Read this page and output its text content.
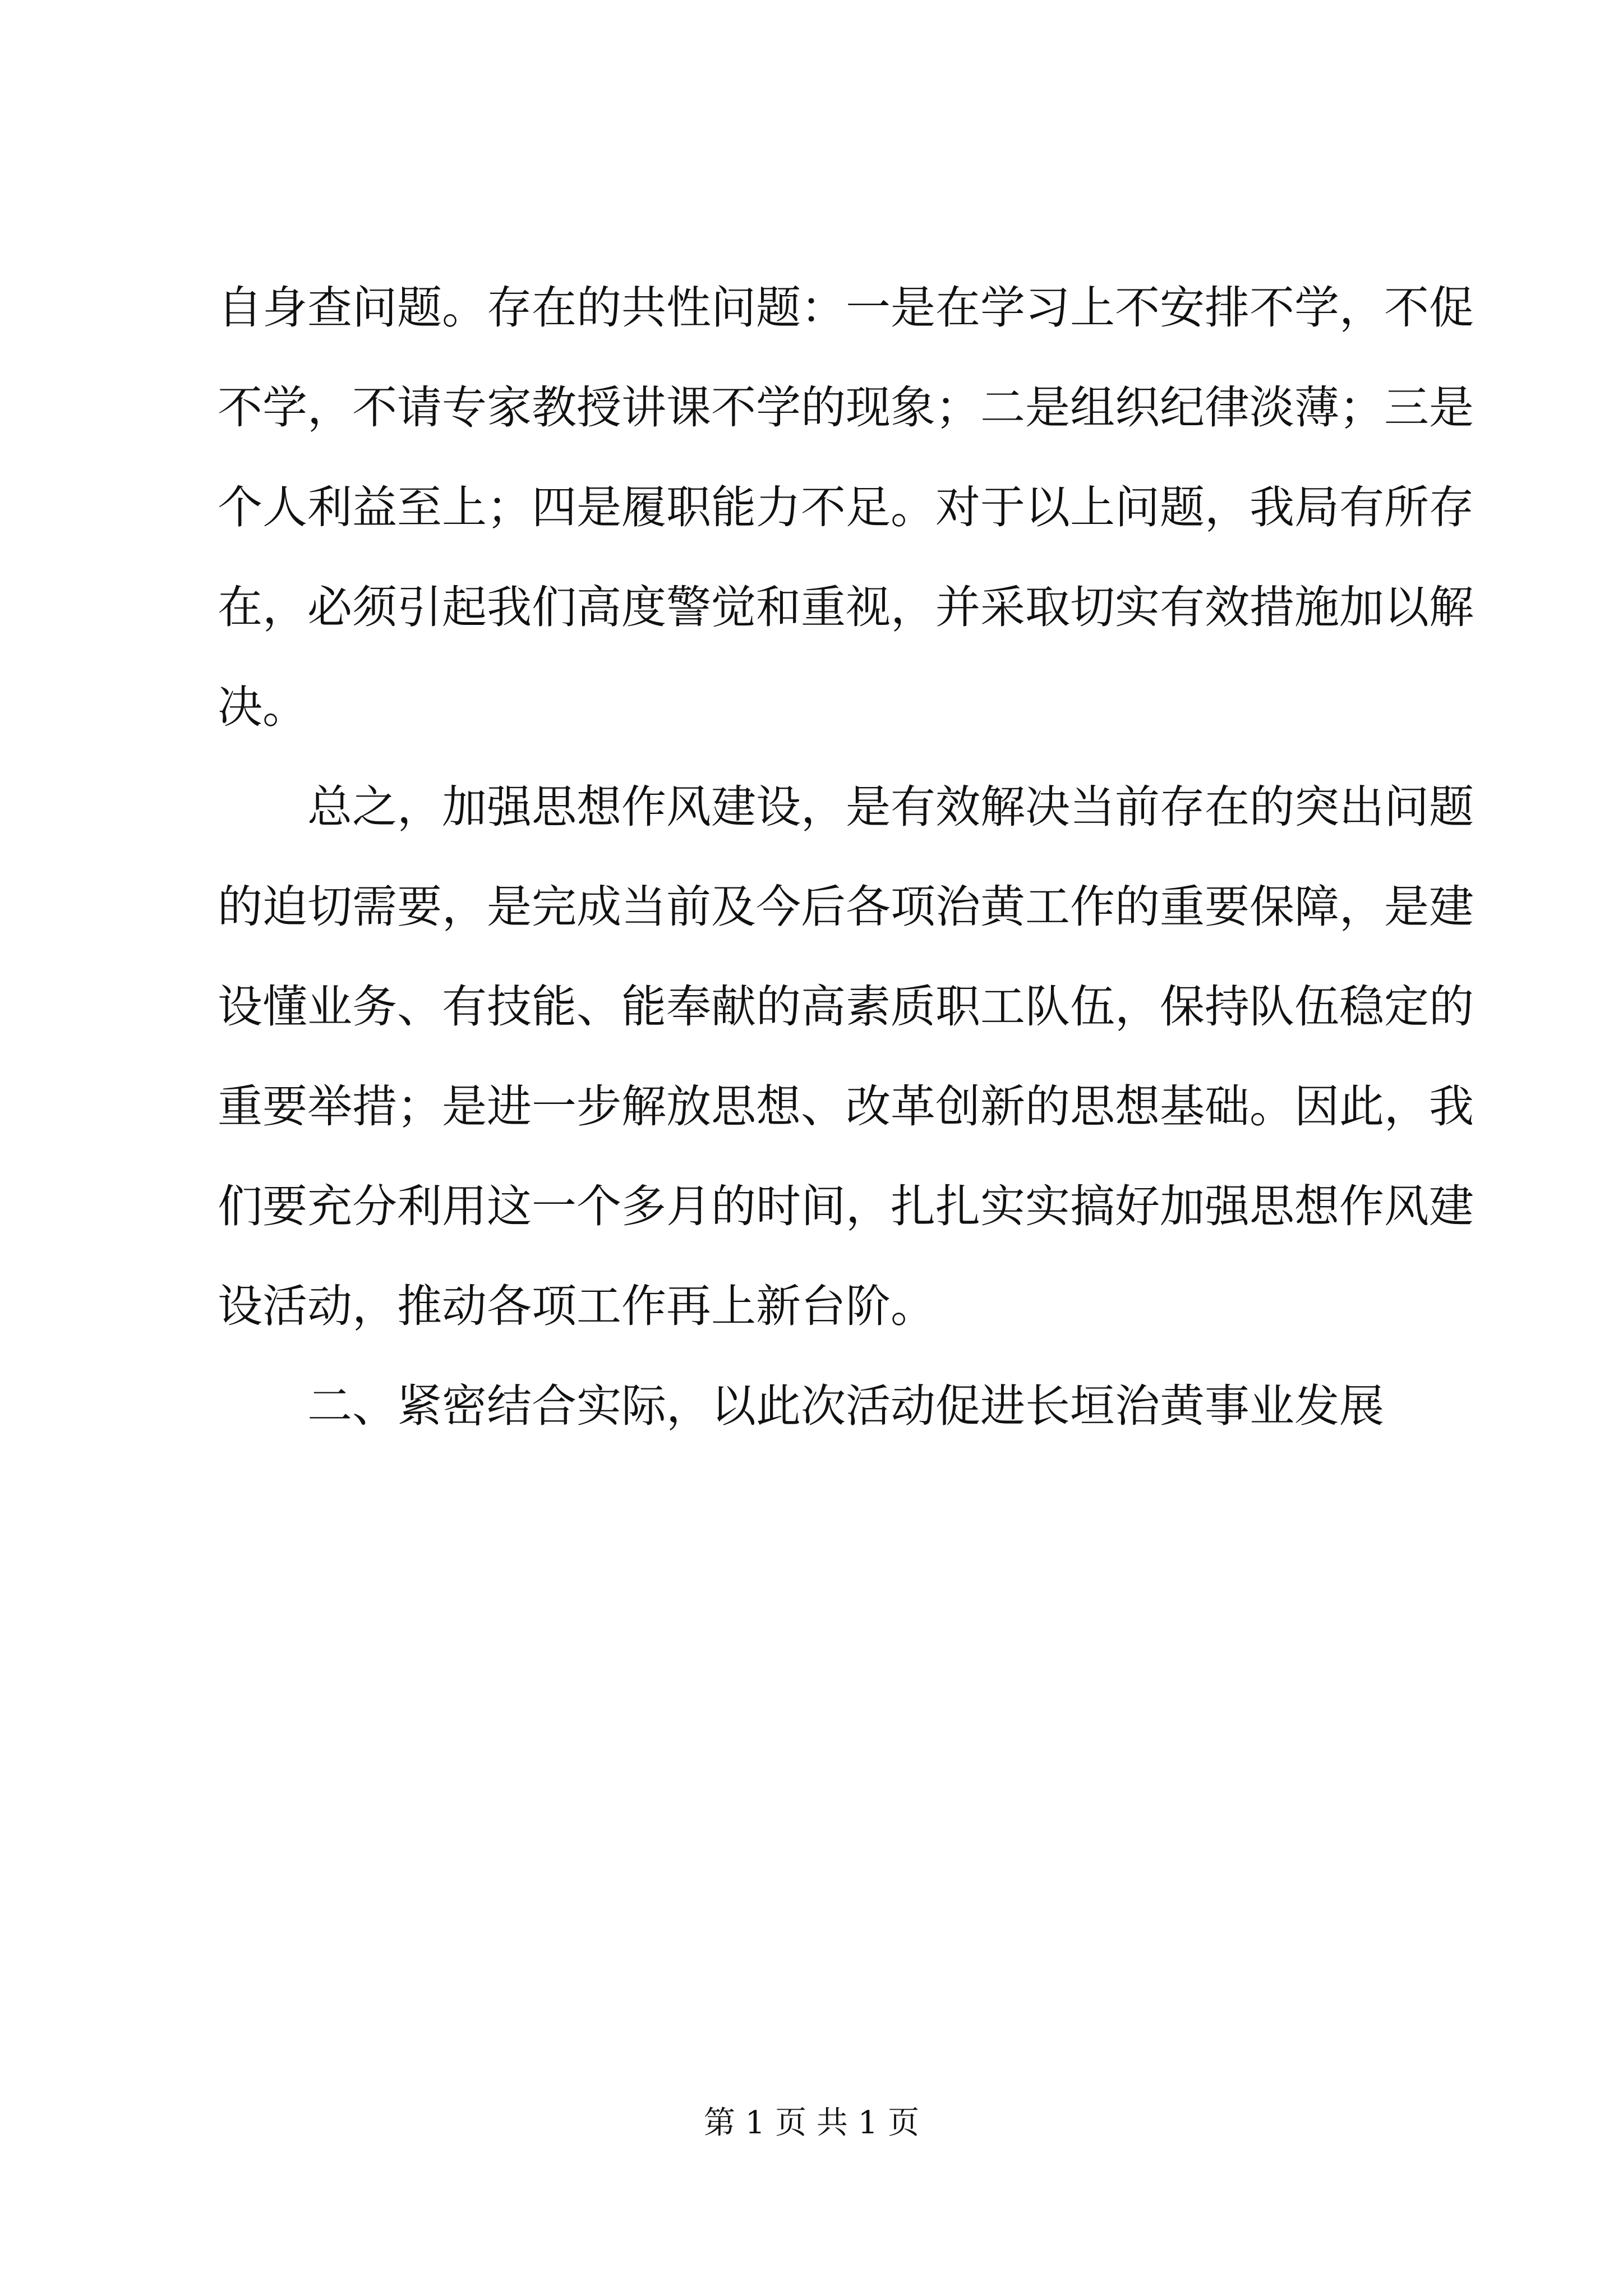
自身查问题。存在的共性问题：一是在学习上不安排不学，不促
不学，不请专家教授讲课不学的现象；二是组织纪律淡薄；三是
个人利益至上；四是履职能力不足。对于以上问题，我局有所存
在，必须引起我们高度警觉和重视，并采取切实有效措施加以解
决。
总之，加强思想作风建设，是有效解决当前存在的突出问题
的迫切需要，是完成当前及今后各项治黄工作的重要保障，是建
设懂业务、有技能、能奉献的高素质职工队伍，保持队伍稳定的
重要举措；是进一步解放思想、改革创新的思想基础。因此，我
们要充分利用这一个多月的时间，扎扎实实搞好加强思想作风建
设活动，推动各项工作再上新台阶。
二、紧密结合实际，以此次活动促进长垣治黄事业发展
第 1 页 共 1 页
